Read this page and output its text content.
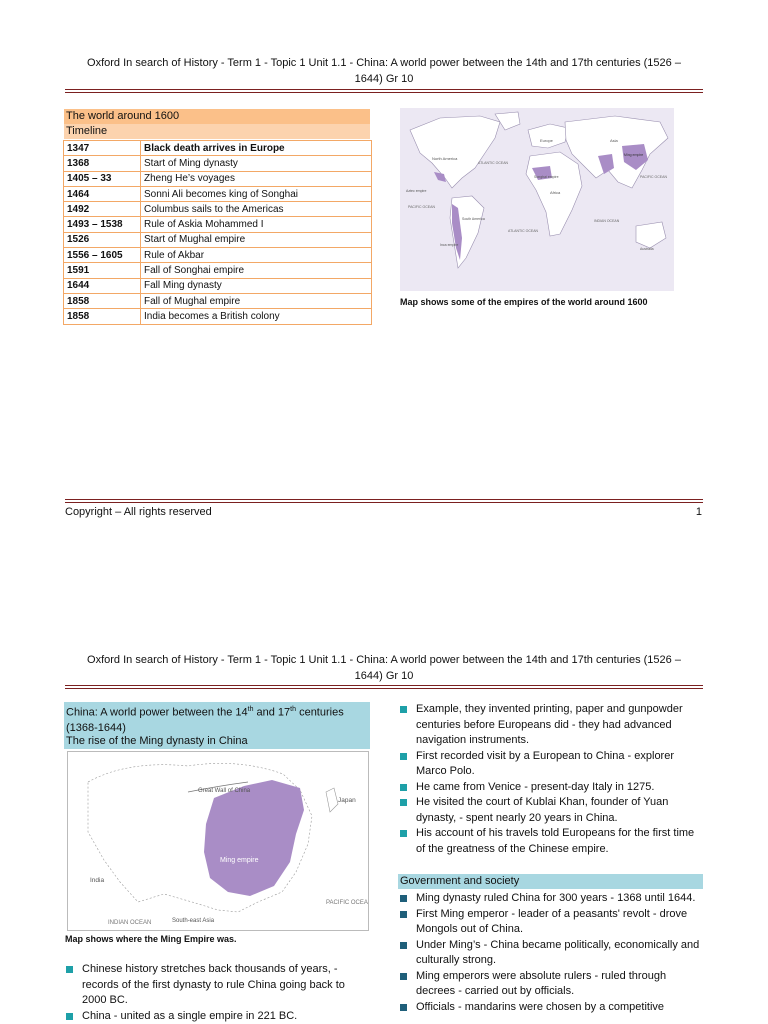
Oxford In search of History - Term 1 - Topic 1 Unit 1.1 - China: A world power between the 14th and 17th centuries (1526 –
1644) Gr 10
The world around 1600
Timeline
1347	Black death arrives in Europe
1368	Start of Ming dynasty
1405 – 33	Zheng He’s voyages
1464	Sonni Ali becomes king of Songhai
1492	Columbus sails to the Americas
1493 – 1538	Rule of Askia Mohammed I
1526	Start of Mughal empire
1556 – 1605	Rule of Akbar
1591	Fall of Songhai empire
1644	Fall Ming dynasty
1858	Fall of Mughal empire
1858	India becomes a British colony
North America
ATLANTIC OCEAN
Europe	Asia
Africa
Songhai empire
Aztec empire
PACIFIC OCEAN
Inca empire
South America
ATLANTIC OCEAN
INDIAN OCEAN
PACIFIC OCEAN
Australia
Ming empire
Map shows some of the empires of the world around 1600
Copyright – All rights reserved	1
Oxford In search of History - Term 1 - Topic 1 Unit 1.1 - China: A world power between the 14th and 17th centuries (1526 –
1644) Gr 10
China: A world power between the 14th and 17th centuries
(1368-1644)
The rise of the Ming dynasty in China
Great Wall of China
Japan
Ming empire
India
PACIFIC OCEAN
INDIAN OCEAN	South-east Asia
Map shows where the Ming Empire was.
Chinese history stretches back thousands of years, - records of the first dynasty to rule China going back to 2000 BC.
China - united as a single empire in 221 BC.
Example, they invented printing, paper and gunpowder centuries before Europeans did - they had advanced navigation instruments.
First recorded visit by a European to China - explorer Marco Polo.
He came from Venice - present-day Italy in 1275.
He visited the court of Kublai Khan, founder of Yuan dynasty, - spent nearly 20 years in China.
His account of his travels told Europeans for the first time of the greatness of the Chinese empire.
Government and society
Ming dynasty ruled China for 300 years - 1368 until 1644.
First Ming emperor - leader of a peasants' revolt - drove Mongols out of China.
Under Ming’s - China became politically, economically and culturally strong.
Ming emperors were absolute rulers - ruled through decrees - carried out by officials.
Officials - mandarins were chosen by a competitive
